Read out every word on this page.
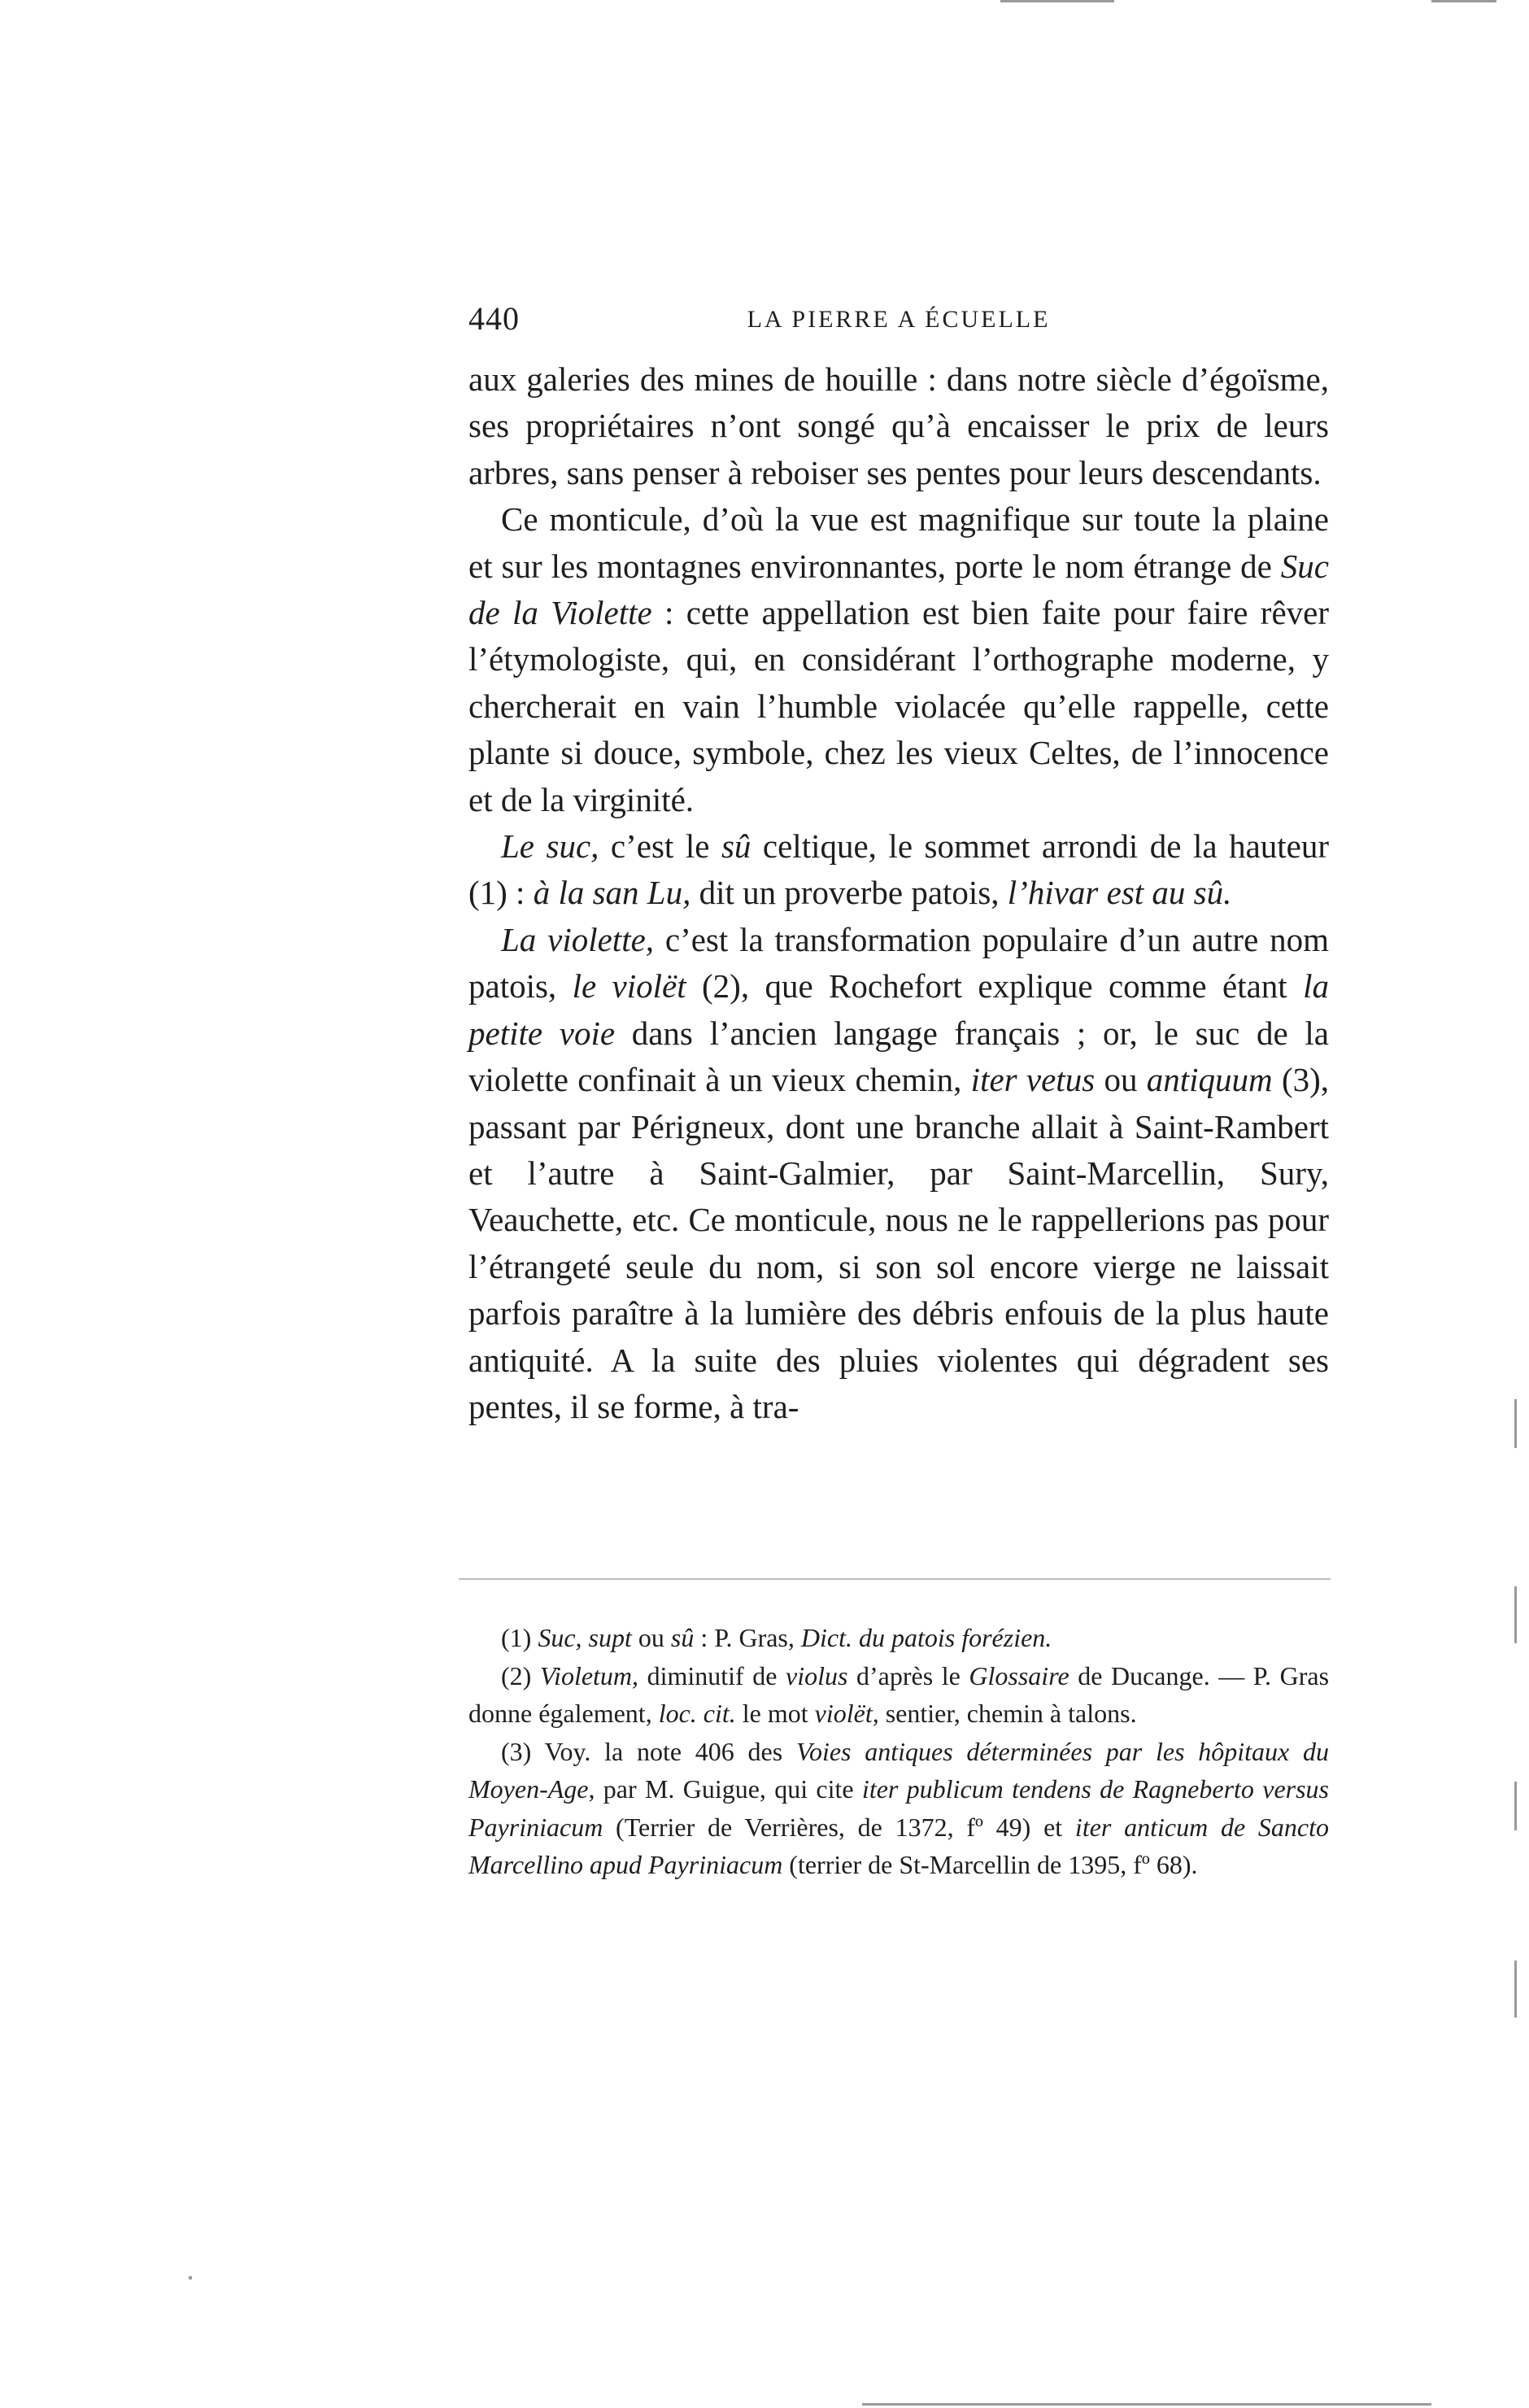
440	LA PIERRE A ÉCUELLE

aux galeries des mines de houille : dans notre siècle d’égoïsme, ses propriétaires n’ont songé qu’à encaisser le prix de leurs arbres, sans penser à reboiser ses pentes pour leurs descendants.

Ce monticule, d’où la vue est magnifique sur toute la plaine et sur les montagnes environnantes, porte le nom étrange de Suc de la Violette : cette appellation est bien faite pour faire rêver l’étymologiste, qui, en considérant l’orthographe moderne, y chercherait en vain l’humble violacée qu’elle rappelle, cette plante si douce, symbole, chez les vieux Celtes, de l’innocence et de la virginité.

Le suc, c’est le sû celtique, le sommet arrondi de la hauteur (1) : à la san Lu, dit un proverbe patois, l’hivar est au sû.

La violette, c’est la transformation populaire d’un autre nom patois, le violët (2), que Rochefort explique comme étant la petite voie dans l’ancien langage français ; or, le suc de la violette confinait à un vieux chemin, iter vetus ou antiquum (3), passant par Périgneux, dont une branche allait à Saint-Rambert et l’autre à Saint-Galmier, par Saint-Marcellin, Sury, Veauchette, etc. Ce monticule, nous ne le rappellerions pas pour l’étrangeté seule du nom, si son sol encore vierge ne laissait parfois paraître à la lumière des débris enfouis de la plus haute antiquité. A la suite des pluies violentes qui dégradent ses pentes, il se forme, à tra-

(1) Suc, supt ou sû : P. Gras, Dict. du patois forézien.

(2) Violetum, diminutif de violus d’après le Glossaire de Ducange. — P. Gras donne également, loc. cit. le mot violët, sentier, chemin à talons.

(3) Voy. la note 406 des Voies antiques déterminées par les hôpitaux du Moyen-Age, par M. Guigue, qui cite iter publicum tendens de Ragneberto versus Payriniacum (Terrier de Verrières, de 1372, fº 49) et iter anticum de Sancto Marcellino apud Payriniacum (terrier de St-Marcellin de 1395, fº 68).
